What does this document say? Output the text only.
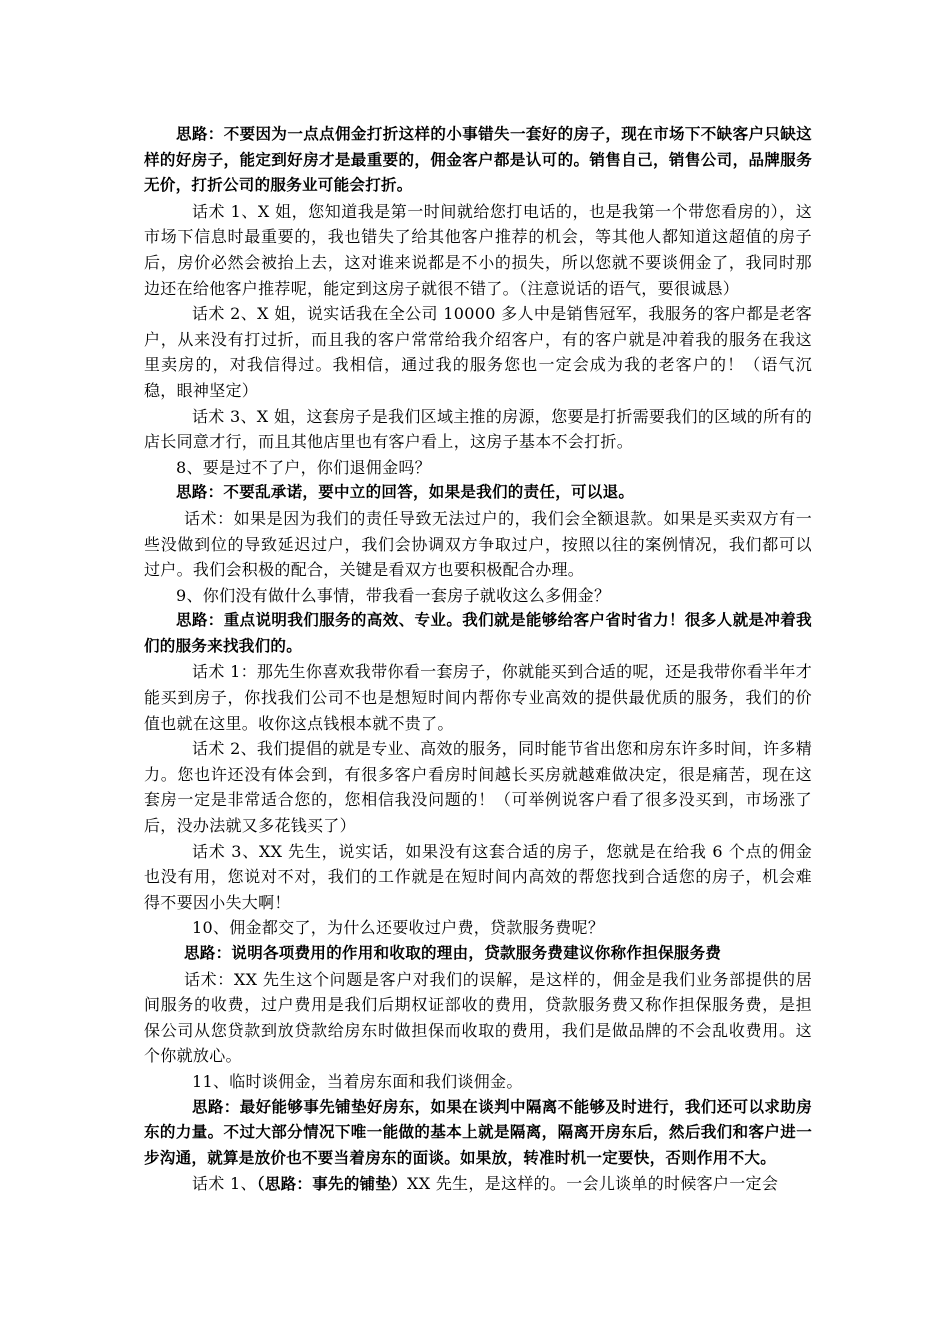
思路：不要因为一点点佣金打折这样的小事错失一套好的房子，现在市场下不缺客户只缺这样的好房子，能定到好房才是最重要的，佣金客户都是认可的。销售自己，销售公司，品牌服务无价，打折公司的服务业可能会打折。

话术 1、X 姐，您知道我是第一时间就给您打电话的，也是我第一个带您看房的），这市场下信息时最重要的，我也错失了给其他客户推荐的机会，等其他人都知道这超值的房子后，房价必然会被抬上去，这对谁来说都是不小的损失，所以您就不要谈佣金了，我同时那边还在给他客户推荐呢，能定到这房子就很不错了。（注意说话的语气，要很诚恳）

话术 2、X 姐，说实话我在全公司 10000 多人中是销售冠军，我服务的客户都是老客户，从来没有打过折，而且我的客户常常给我介绍客户，有的客户就是冲着我的服务在我这里卖房的，对我信得过。我相信，通过我的服务您也一定会成为我的老客户的！（语气沉稳，眼神坚定）

话术 3、X 姐，这套房子是我们区域主推的房源，您要是打折需要我们的区域的所有的店长同意才行，而且其他店里也有客户看上，这房子基本不会打折。

8、要是过不了户，你们退佣金吗？

思路：不要乱承诺，要中立的回答，如果是我们的责任，可以退。

话术：如果是因为我们的责任导致无法过户的，我们会全额退款。如果是买卖双方有一些没做到位的导致延迟过户，我们会协调双方争取过户，按照以往的案例情况，我们都可以过户。我们会积极的配合，关键是看双方也要积极配合办理。

9、你们没有做什么事情，带我看一套房子就收这么多佣金？

思路：重点说明我们服务的高效、专业。我们就是能够给客户省时省力！很多人就是冲着我们的服务来找我们的。

话术 1：那先生你喜欢我带你看一套房子，你就能买到合适的呢，还是我带你看半年才能买到房子，你找我们公司不也是想短时间内帮你专业高效的提供最优质的服务，我们的价值也就在这里。收你这点钱根本就不贵了。

话术 2、我们提倡的就是专业、高效的服务，同时能节省出您和房东许多时间，许多精力。您也许还没有体会到，有很多客户看房时间越长买房就越难做决定，很是痛苦，现在这套房一定是非常适合您的，您相信我没问题的！（可举例说客户看了很多没买到，市场涨了后，没办法就又多花钱买了）

话术 3、XX 先生，说实话，如果没有这套合适的房子，您就是在给我 6 个点的佣金也没有用，您说对不对，我们的工作就是在短时间内高效的帮您找到合适您的房子，机会难得不要因小失大啊！

10、佣金都交了，为什么还要收过户费，贷款服务费呢？

思路：说明各项费用的作用和收取的理由，贷款服务费建议你称作担保服务费

话术：XX 先生这个问题是客户对我们的误解，是这样的，佣金是我们业务部提供的居间服务的收费，过户费用是我们后期权证部收的费用，贷款服务费又称作担保服务费，是担保公司从您贷款到放贷款给房东时做担保而收取的费用，我们是做品牌的不会乱收费用。这个你就放心。

11、临时谈佣金，当着房东面和我们谈佣金。

思路：最好能够事先铺垫好房东，如果在谈判中隔离不能够及时进行，我们还可以求助房东的力量。不过大部分情况下唯一能做的基本上就是隔离，隔离开房东后，然后我们和客户进一步沟通，就算是放价也不要当着房东的面谈。如果放，转准时机一定要快，否则作用不大。

话术 1、（思路：事先的铺垫）XX 先生，是这样的。一会儿谈单的时候客户一定会
